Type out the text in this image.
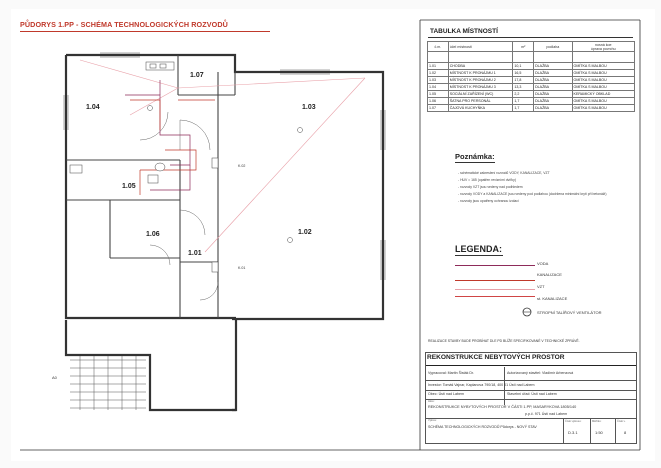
PŮDORYS 1.PP - SCHÉMA TECHNOLOGICKÝCH ROZVODŮ
1.07
1.04	1.03
1.05
1.06
1.01
1.02
K.02
K.01
A0
TABULKA MÍSTNOSTÍ
č.m.	účel místnosti	m²	podlaha	nosná koe
úprava povrchu

1.01	CHODBA	10,1	DLAŽBA	OMÍTKA S MALBOU
1.02	MÍSTNOST K PRONÁJMU 1	16,5	DLAŽBA	OMÍTKA S MALBOU
1.03	MÍSTNOST K PRONÁJMU 2	17,8	DLAŽBA	OMÍTKA S MALBOU
1.04	MÍSTNOST K PRONÁJMU 3	13,3	DLAŽBA	OMÍTKA S MALBOU
1.05	SOCIÁLNÍ ZAŘÍZENÍ (WC)	2,2	DLAŽBA	KERAMICKÝ OBKLAD
1.06	ŠATNA PRO PERSONÁL	1,7	DLAŽBA	OMÍTKA S MALBOU
1.07	ČAJOVÁ KUCHYŇKA	1,7	DLAŽBA	OMÍTKA S MALBOU
Poznámka:
- schématické zakreslení rozvodů VODY, KANALIZACE, VZT
- HUV = 165 (opatřen revizními dvířky)
- rozvody VZT jsou vedeny nad podhledem
- rozvody VODY a KANALIZACE jsou vedeny pod podlahou (dodržena minimální krytí při betonáži)
- rozvody jsou opatřeny ochranou izolací
LEGENDA:
VODA
KANALIZACE
VZT
st. KANALIZACE
STROPNÍ TALÍŘOVÝ VENTILÁTOR
REALIZACE STAVBY BUDE PROBÍHAT DLE PD BLÍŽE SPECIFIKOVANÉ V TECHNICKÉ ZPRÁVĚ.
REKONSTRUKCE NEBYTOVÝCH PROSTOR
Vypracoval: Martin Šisták Dr.	Autorizovaný stavitel: Vladimír Arbenzová
Investor: Tomáš Vajnar, Kaplanova 790/18, 400 01 Ústí nad Labem
Obec: Ústí nad Labem	Stavební úřad: Ústí nad Labem
Akce:
REKONSTRUKCE NYBYTOVÝCH PROSTOR V ČÁSTI 1.PP, MASARYKOVA 1805/140
p.p.č. 971 Ústí nad Labem
Výkres:
SCHÉMA TECHNOLOGICKÝCH ROZVODŮ Půdorys - NOVÝ STAV
Číslo výkresu:
D.3.1
Měřítko:
1:50
Číslo v.
8
